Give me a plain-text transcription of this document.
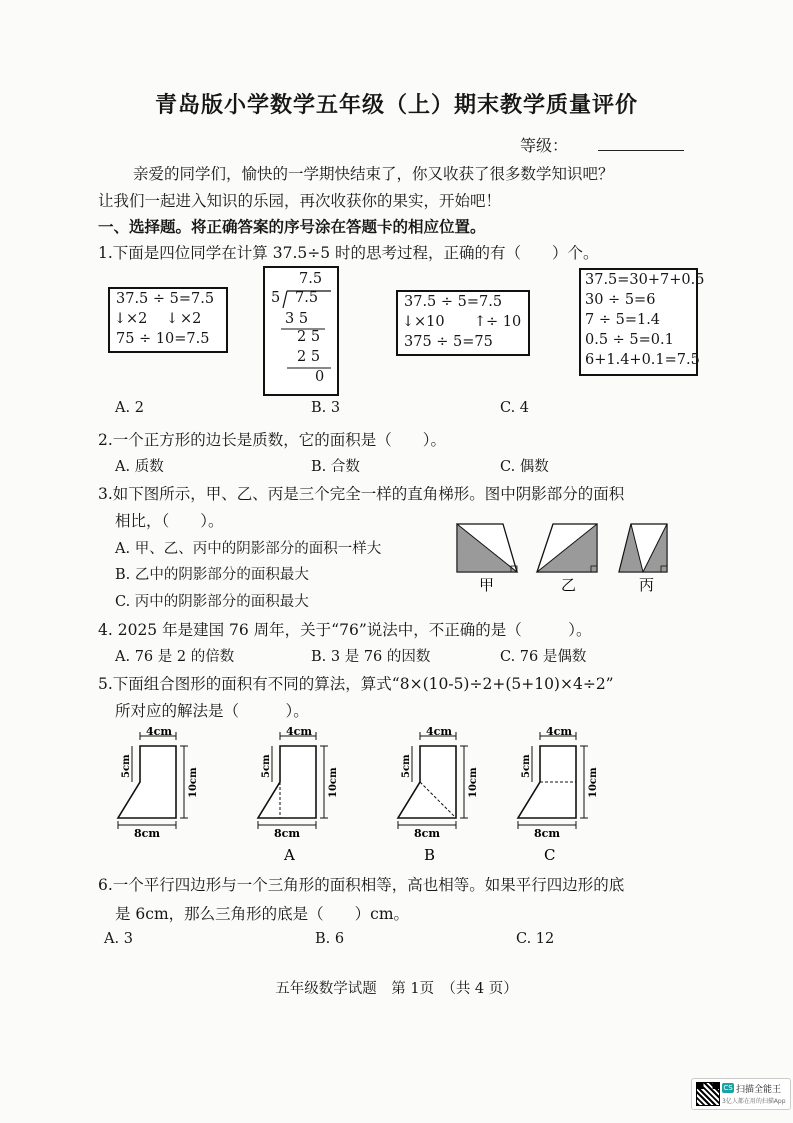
青岛版小学数学五年级（上）期末教学质量评价
等级：
亲爱的同学们，愉快的一学期快结束了，你又收获了很多数学知识吧？
让我们一起进入知识的乐园，再次收获你的果实，开始吧！
一、选择题。将正确答案的序号涂在答题卡的相应位置。
1.下面是四位同学在计算 37.5÷5 时的思考过程，正确的有（　　）个。
37.5 ÷ 5=7.5
↓ ×2 ↓ ×2
75 ÷ 10=7.5
7.5
5 7.5
3 5
2 5
2 5
0
37.5 ÷ 5=7.5
↓ ×10 ↑ ÷ 10
375 ÷ 5=75
37.5=30+7+0.5
30 ÷ 5=6
7 ÷ 5=1.4
0.5 ÷ 5=0.1
6+1.4+0.1=7.5
A. 2	B. 3	C. 4
2.一个正方形的边长是质数，它的面积是（　　）。
A. 质数	B. 合数	C. 偶数
3.如下图所示，甲、乙、丙是三个完全一样的直角梯形。图中阴影部分的面积
相比，（　　）。
A. 甲、乙、丙中的阴影部分的面积一样大
B. 乙中的阴影部分的面积最大
C. 丙中的阴影部分的面积最大
甲	乙	丙
4. 2025 年是建国 76 周年，关于“76”说法中，不正确的是（　　　）。
A. 76 是 2 的倍数	B. 3 是 76 的因数	C. 76 是偶数
5.下面组合图形的面积有不同的算法，算式“8×(10-5)÷2+(5+10)×4÷2”
所对应的解法是（　　　）。
4cm
5cm
10cm
8cm
4cm
5cm
10cm
8cm
A
4cm
5cm
10cm
8cm
B
4cm
5cm
10cm
8cm
C
6.一个平行四边形与一个三角形的面积相等，高也相等。如果平行四边形的底
是 6cm，那么三角形的底是（　　）cm。
A. 3	B. 6	C. 12
五年级数学试题　第 1页　（共 4 页）
CS 扫描全能王
3亿人都在用的扫描App
